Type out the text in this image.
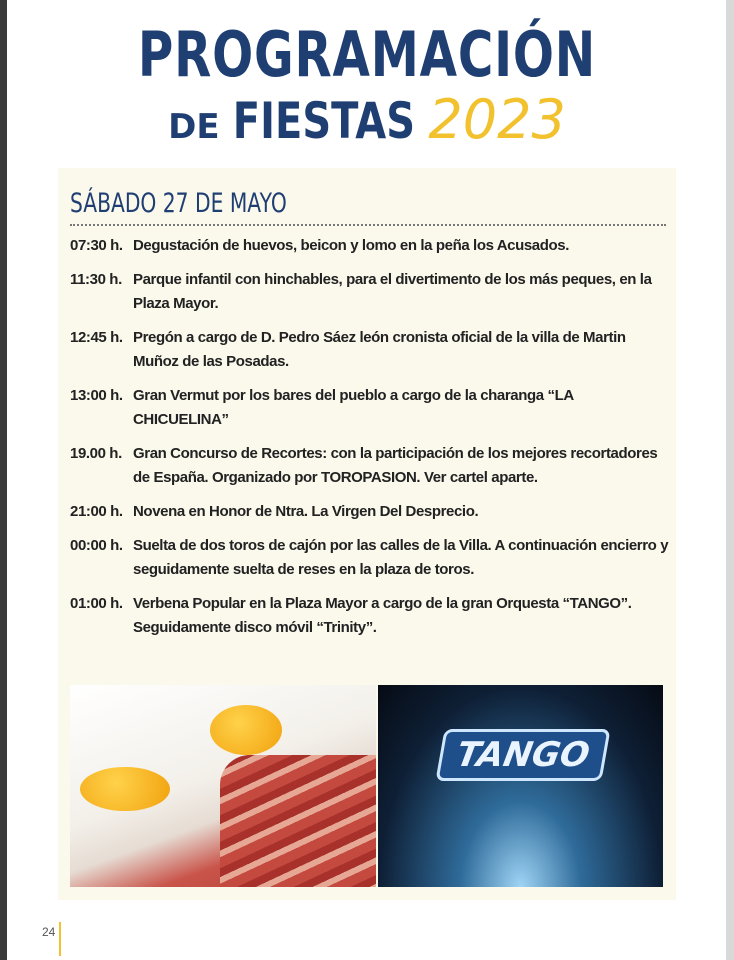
PROGRAMACIÓN
DE FIESTAS 2023
SÁBADO 27 DE MAYO
07:30 h. Degustación de huevos, beicon y lomo en la peña los Acusados.
11:30 h. Parque infantil con hinchables, para el divertimento de los más peques, en la Plaza Mayor.
12:45 h. Pregón a cargo de D. Pedro Sáez león cronista oficial de la villa de Martin Muñoz de las Posadas.
13:00 h. Gran Vermut por los bares del pueblo a cargo de la charanga “LA CHICUELINA”
19.00 h. Gran Concurso de Recortes: con la participación de los mejores recortadores de España. Organizado por TOROPASION. Ver cartel aparte.
21:00 h. Novena en Honor de Ntra. La Virgen Del Desprecio.
00:00 h. Suelta de dos toros de cajón por las calles de la Villa. A continuación encierro y seguidamente suelta de reses en la plaza de toros.
01:00 h. Verbena Popular en la Plaza Mayor a cargo de la gran Orquesta “TANGO”. Seguidamente disco móvil “Trinity”.
TANGO
24
